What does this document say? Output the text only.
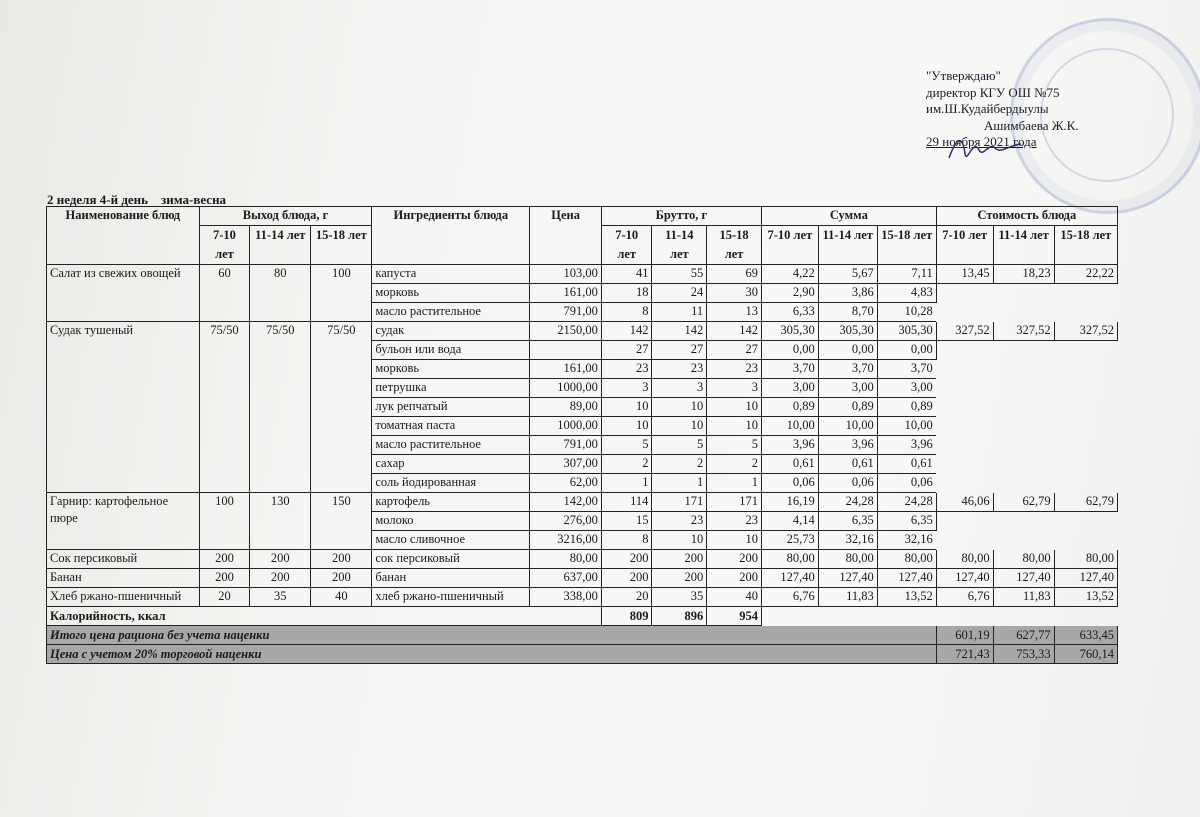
"Утверждаю"
директор КГУ ОШ №75
им.Ш.Кудайбердыулы
Ашимбаева Ж.К.
29 ноября 2021 года
2 неделя 4-й день    зима-весна
Наименование блюд	Выход блюда, г			Ингредиенты блюда	Цена	Брутто, г			Сумма			Стоимость блюда		
	7-10 лет	11-14 лет	15-18 лет			7-10 лет	11-14 лет	15-18 лет	7-10 лет	11-14 лет	15-18 лет	7-10 лет	11-14 лет	15-18 лет
Салат из свежих овощей	60	80	100	капуста	103,00	41	55	69	4,22	5,67	7,11	13,45	18,23	22,22
				морковь	161,00	18	24	30	2,90	3,86	4,83			
				масло растительное	791,00	8	11	13	6,33	8,70	10,28			
Судак тушеный	75/50	75/50	75/50	судак	2150,00	142	142	142	305,30	305,30	305,30	327,52	327,52	327,52
				бульон или вода		27	27	27	0,00	0,00	0,00			
				морковь	161,00	23	23	23	3,70	3,70	3,70			
				петрушка	1000,00	3	3	3	3,00	3,00	3,00			
				лук репчатый	89,00	10	10	10	0,89	0,89	0,89			
				томатная паста	1000,00	10	10	10	10,00	10,00	10,00			
				масло растительное	791,00	5	5	5	3,96	3,96	3,96			
				сахар	307,00	2	2	2	0,61	0,61	0,61			
				соль йодированная	62,00	1	1	1	0,06	0,06	0,06			
Гарнир: картофельное пюре	100	130	150	картофель	142,00	114	171	171	16,19	24,28	24,28	46,06	62,79	62,79
				молоко	276,00	15	23	23	4,14	6,35	6,35			
				масло сливочное	3216,00	8	10	10	25,73	32,16	32,16			
Сок персиковый	200	200	200	сок персиковый	80,00	200	200	200	80,00	80,00	80,00	80,00	80,00	80,00
Банан	200	200	200	банан	637,00	200	200	200	127,40	127,40	127,40	127,40	127,40	127,40
Хлеб ржано-пшеничный	20	35	40	хлеб ржано-пшеничный	338,00	20	35	40	6,76	11,83	13,52	6,76	11,83	13,52
Калорийность, ккал						809	896	954						
Итого цена рациона без учета наценки												601,19	627,77	633,45
Цена с учетом 20% торговой наценки												721,43	753,33	760,14
